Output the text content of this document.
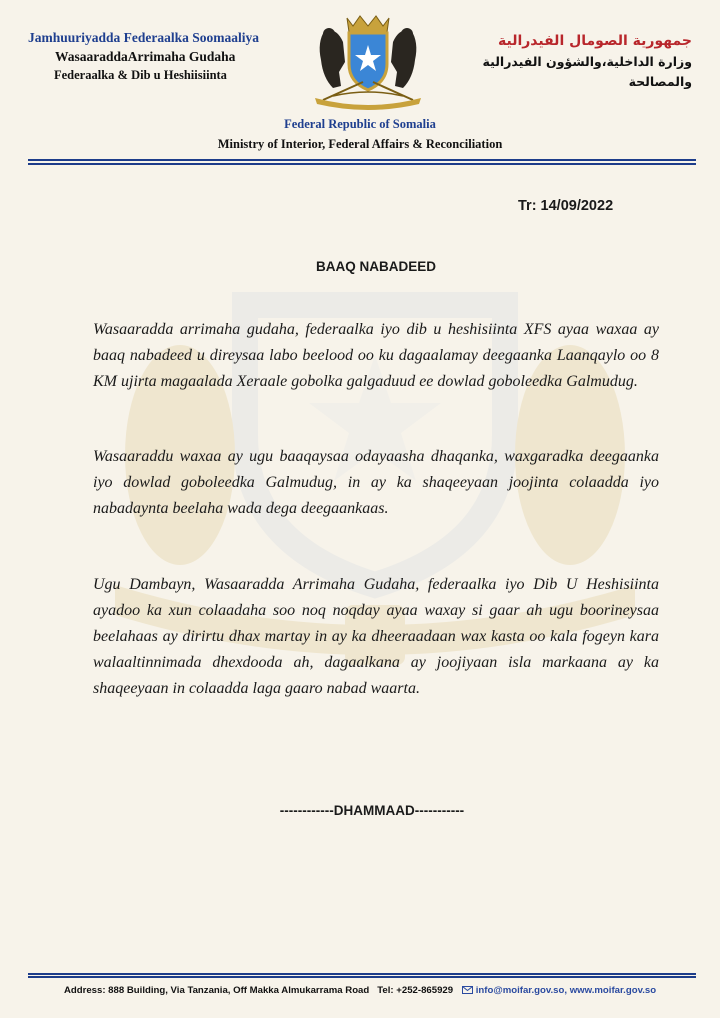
Jamhuuriyadda Federaalka Soomaaliya
WasaaraddaArrimaha Gudaha
Federaalka & Dib u Heshiisiinta
جمهورية الصومال الفيدرالية
وزارة الداخلية،والشؤون الفيدرالية والمصالحة
Federal Republic of Somalia
Ministry of Interior, Federal Affairs & Reconciliation
Tr: 14/09/2022
BAAQ NABADEED
Wasaaradda arrimaha gudaha, federaalka iyo dib u heshisiinta XFS ayaa waxaa ay baaq nabadeed u direysaa labo beelood oo ku dagaalamay deegaanka Laanqaylo oo 8 KM ujirta magaalada Xeraale gobolka galgaduud ee dowlad goboleedka Galmudug.
Wasaaraddu waxaa ay ugu baaqaysaa odayaasha dhaqanka, waxgaradka deegaanka iyo dowlad goboleedka Galmudug, in ay ka shaqeeyaan joojinta colaadda iyo nabadaynta beelaha wada dega deegaankaas.
Ugu Dambayn, Wasaaradda Arrimaha Gudaha, federaalka iyo Dib U Heshisiinta ayadoo ka xun colaadaha soo noq noqday ayaa waxay si gaar ah ugu boorineysaa beelahaas ay dirirtu dhax martay in ay ka dheeraadaan wax kasta oo kala fogeyn kara walaaltinnimada dhexdooda ah, dagaalkana ay joojiyaan isla markaana ay ka shaqeeyaan in colaadda laga gaaro nabad waarta.
------------DHAMMAAD-----------
Address: 888 Building, Via Tanzania, Off Makka Almukarrama Road Tel: +252-865929 info@moifar.gov.so, www.moifar.gov.so
